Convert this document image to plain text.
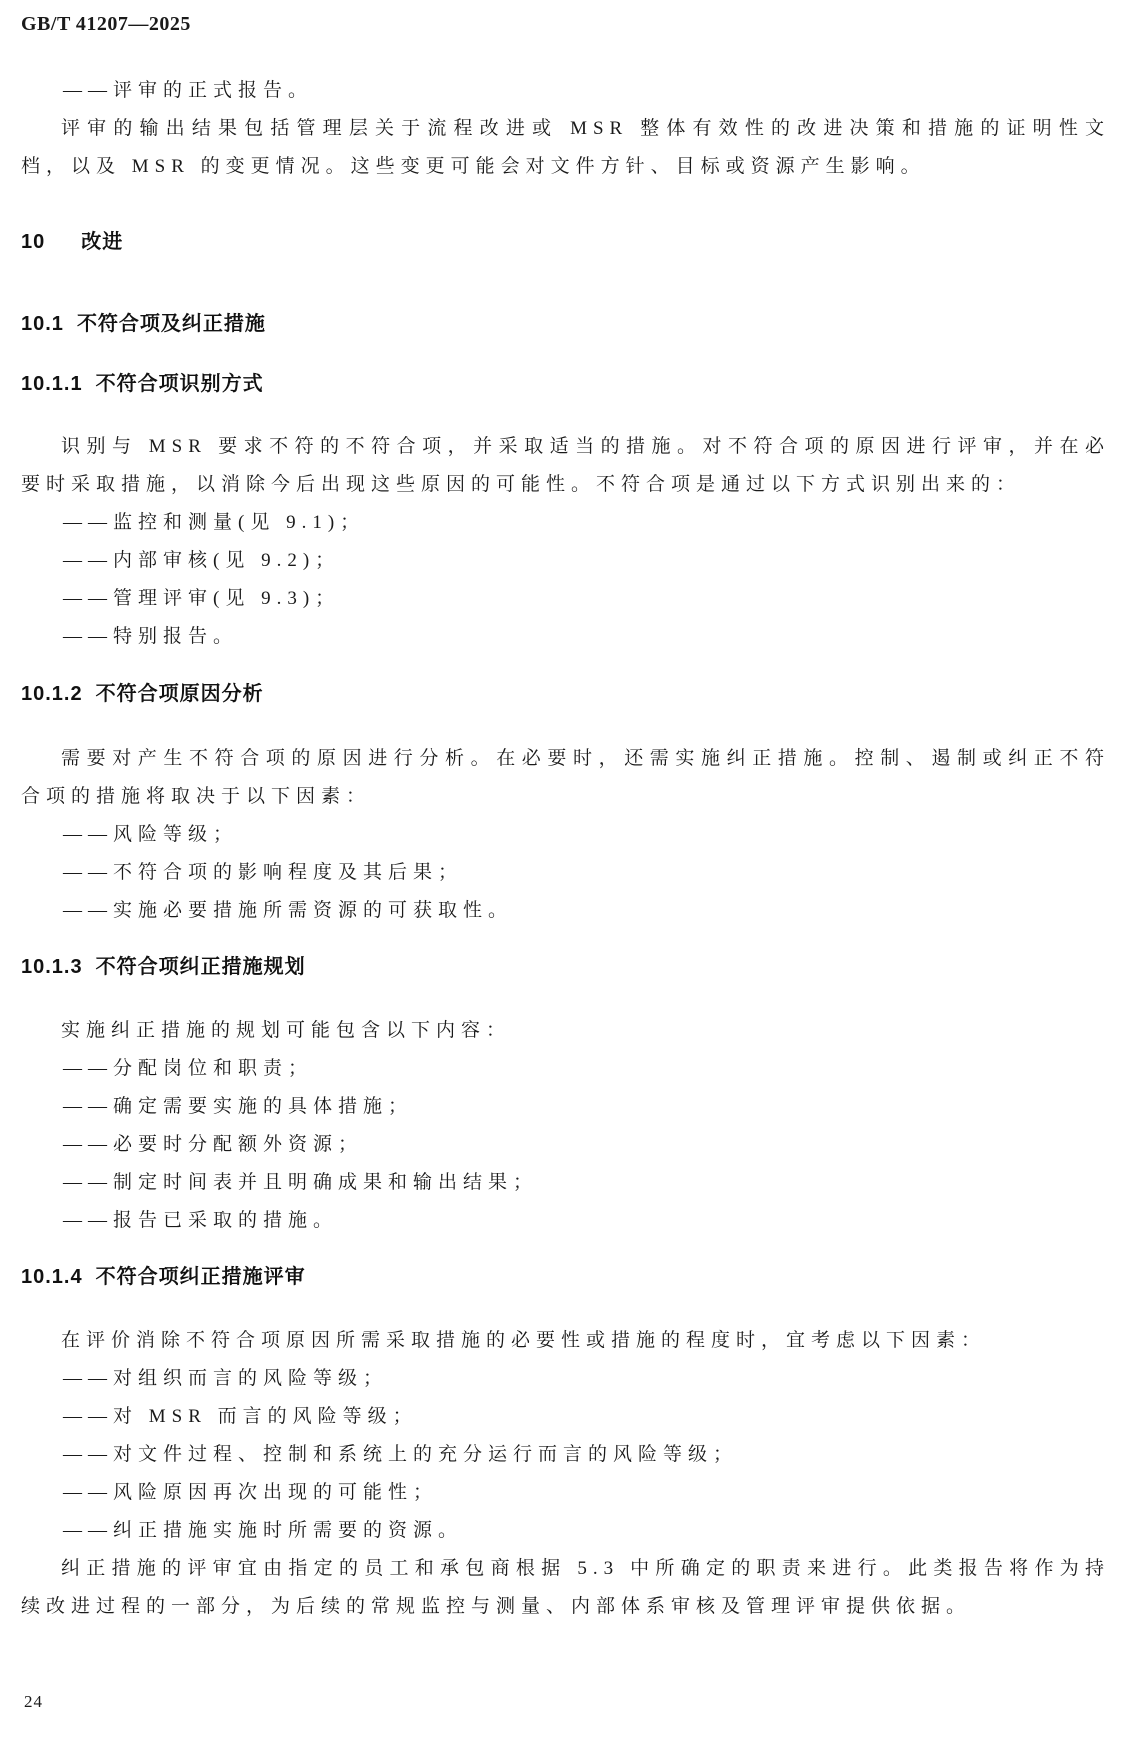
GB/T 41207—2025

——评审的正式报告。

评审的输出结果包括管理层关于流程改进或 MSR 整体有效性的改进决策和措施的证明性文档，以及 MSR 的变更情况。这些变更可能会对文件方针、目标或资源产生影响。

10 改进
10.1 不符合项及纠正措施
10.1.1 不符合项识别方式

识别与 MSR 要求不符的不符合项，并采取适当的措施。对不符合项的原因进行评审，并在必要时采取措施，以消除今后出现这些原因的可能性。不符合项是通过以下方式识别出来的：

——监控和测量(见 9.1)；

——内部审核(见 9.2)；

——管理评审(见 9.3)；

——特别报告。

10.1.2 不符合项原因分析

需要对产生不符合项的原因进行分析。在必要时，还需实施纠正措施。控制、遏制或纠正不符合项的措施将取决于以下因素：

——风险等级；

——不符合项的影响程度及其后果；

——实施必要措施所需资源的可获取性。

10.1.3 不符合项纠正措施规划

实施纠正措施的规划可能包含以下内容：

——分配岗位和职责；

——确定需要实施的具体措施；

——必要时分配额外资源；

——制定时间表并且明确成果和输出结果；

——报告已采取的措施。

10.1.4 不符合项纠正措施评审

在评价消除不符合项原因所需采取措施的必要性或措施的程度时，宜考虑以下因素：

——对组织而言的风险等级；

——对 MSR 而言的风险等级；

——对文件过程、控制和系统上的充分运行而言的风险等级；

——风险原因再次出现的可能性；

——纠正措施实施时所需要的资源。

纠正措施的评审宜由指定的员工和承包商根据 5.3 中所确定的职责来进行。此类报告将作为持续改进过程的一部分，为后续的常规监控与测量、内部体系审核及管理评审提供依据。

24
